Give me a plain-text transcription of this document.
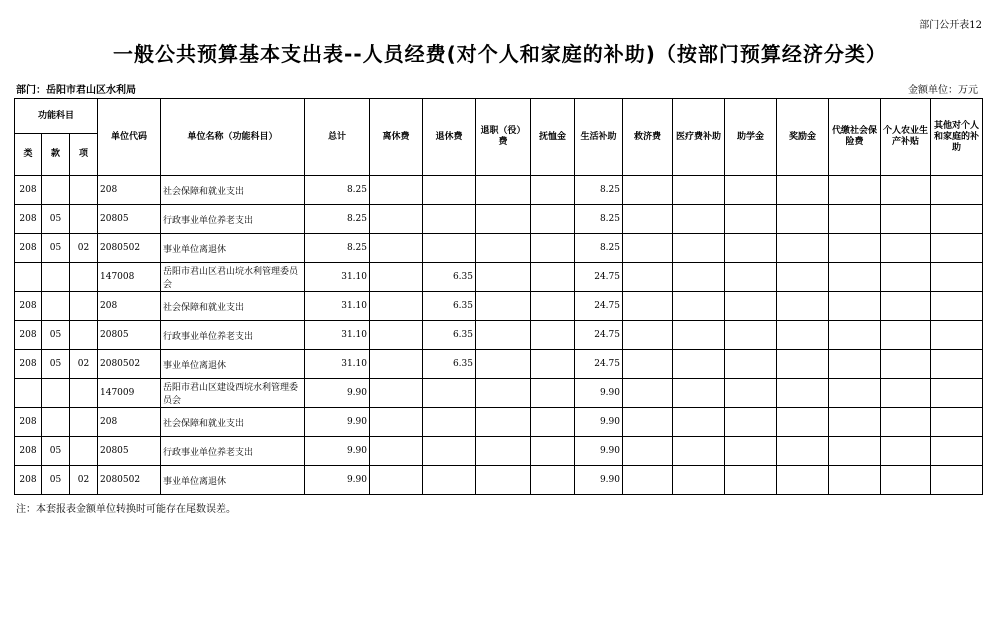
部门公开表12
一般公共预算基本支出表--人员经费(对个人和家庭的补助)（按部门预算经济分类）
部门：岳阳市君山区水利局	金额单位：万元
功能科目			单位代码	单位名称（功能科目）	总计	离休费	退休费	退职（役）费	抚恤金	生活补助	救济费	医疗费补助	助学金	奖励金	代缴社会保险费	个人农业生产补贴	其他对个人和家庭的补助
类	款	项															
208			208	社会保障和就业支出	8.25					8.25							
208	05		20805	行政事业单位养老支出	8.25					8.25							
208	05	02	2080502	事业单位离退休	8.25					8.25							
			147008	岳阳市君山区君山垸水利管理委员会	31.10		6.35			24.75							
208			208	社会保障和就业支出	31.10		6.35			24.75							
208	05		20805	行政事业单位养老支出	31.10		6.35			24.75							
208	05	02	2080502	事业单位离退休	31.10		6.35			24.75							
			147009	岳阳市君山区建设西垸水利管理委员会	9.90					9.90							
208			208	社会保障和就业支出	9.90					9.90							
208	05		20805	行政事业单位养老支出	9.90					9.90							
208	05	02	2080502	事业单位离退休	9.90					9.90							
注：本套报表金额单位转换时可能存在尾数误差。
